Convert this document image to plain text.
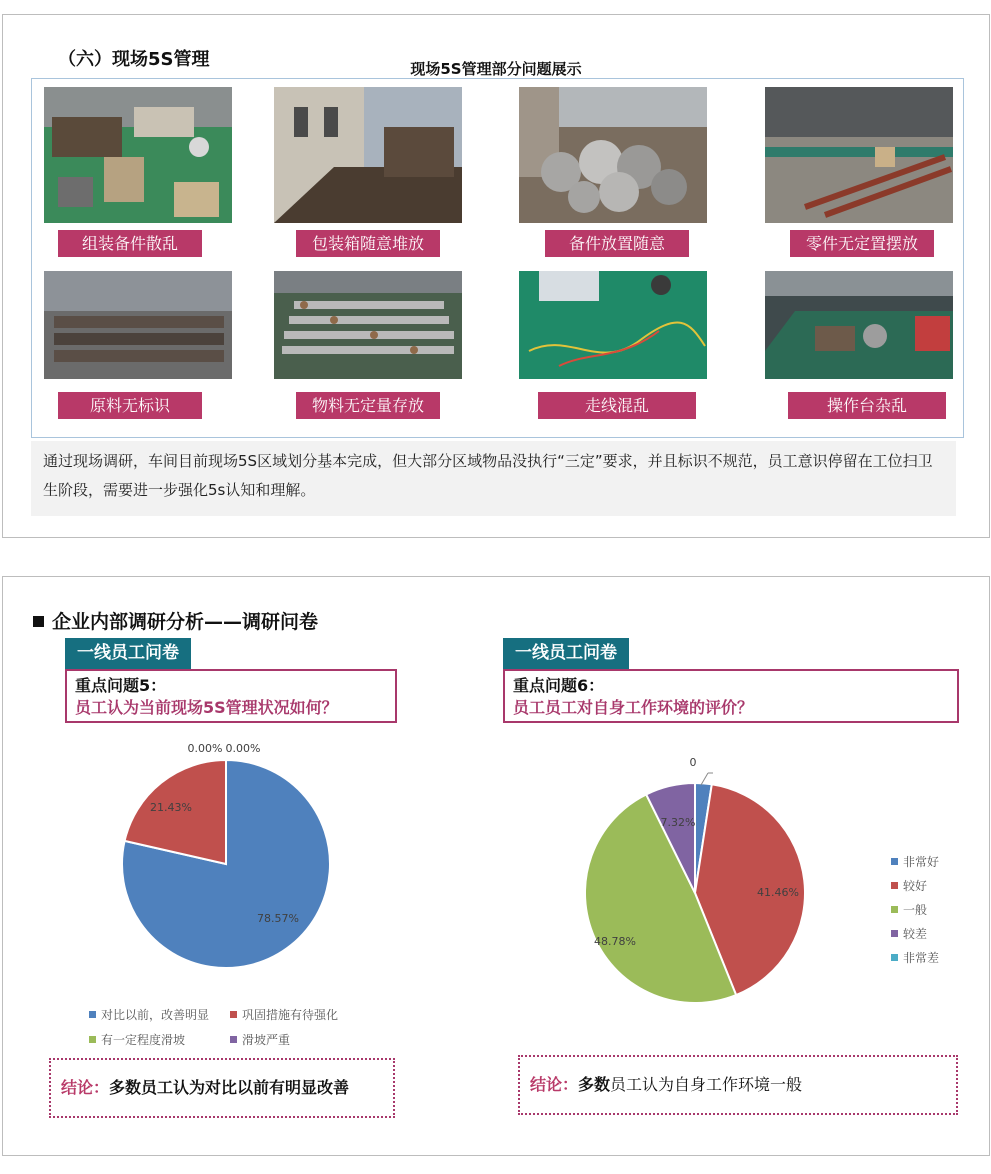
（六）现场5S管理	现场5S管理部分问题展示
组装备件散乱	包装箱随意堆放	备件放置随意	零件无定置摆放
原料无标识	物料无定量存放	走线混乱	操作台杂乱
通过现场调研，车间目前现场5S区域划分基本完成，但大部分区域物品没执行“三定”要求，并且标识不规范，员工意识停留在工位扫卫生阶段，需要进一步强化5s认知和理解。
企业内部调研分析——调研问卷
一线员工问卷
重点问题5：
员工认为当前现场5S管理状况如何？
78.57%
21.43%
0.00% 0.00%
对比以前，改善明显	巩固措施有待强化
有一定程度滑坡	滑坡严重
结论：多数员工认为对比以前有明显改善
一线员工问卷
重点问题6：
员工员工对自身工作环境的评价？
41.46%
48.78%
7.32%
0
非常好
较好
一般
较差
非常差
结论：多数员工认为自身工作环境一般
